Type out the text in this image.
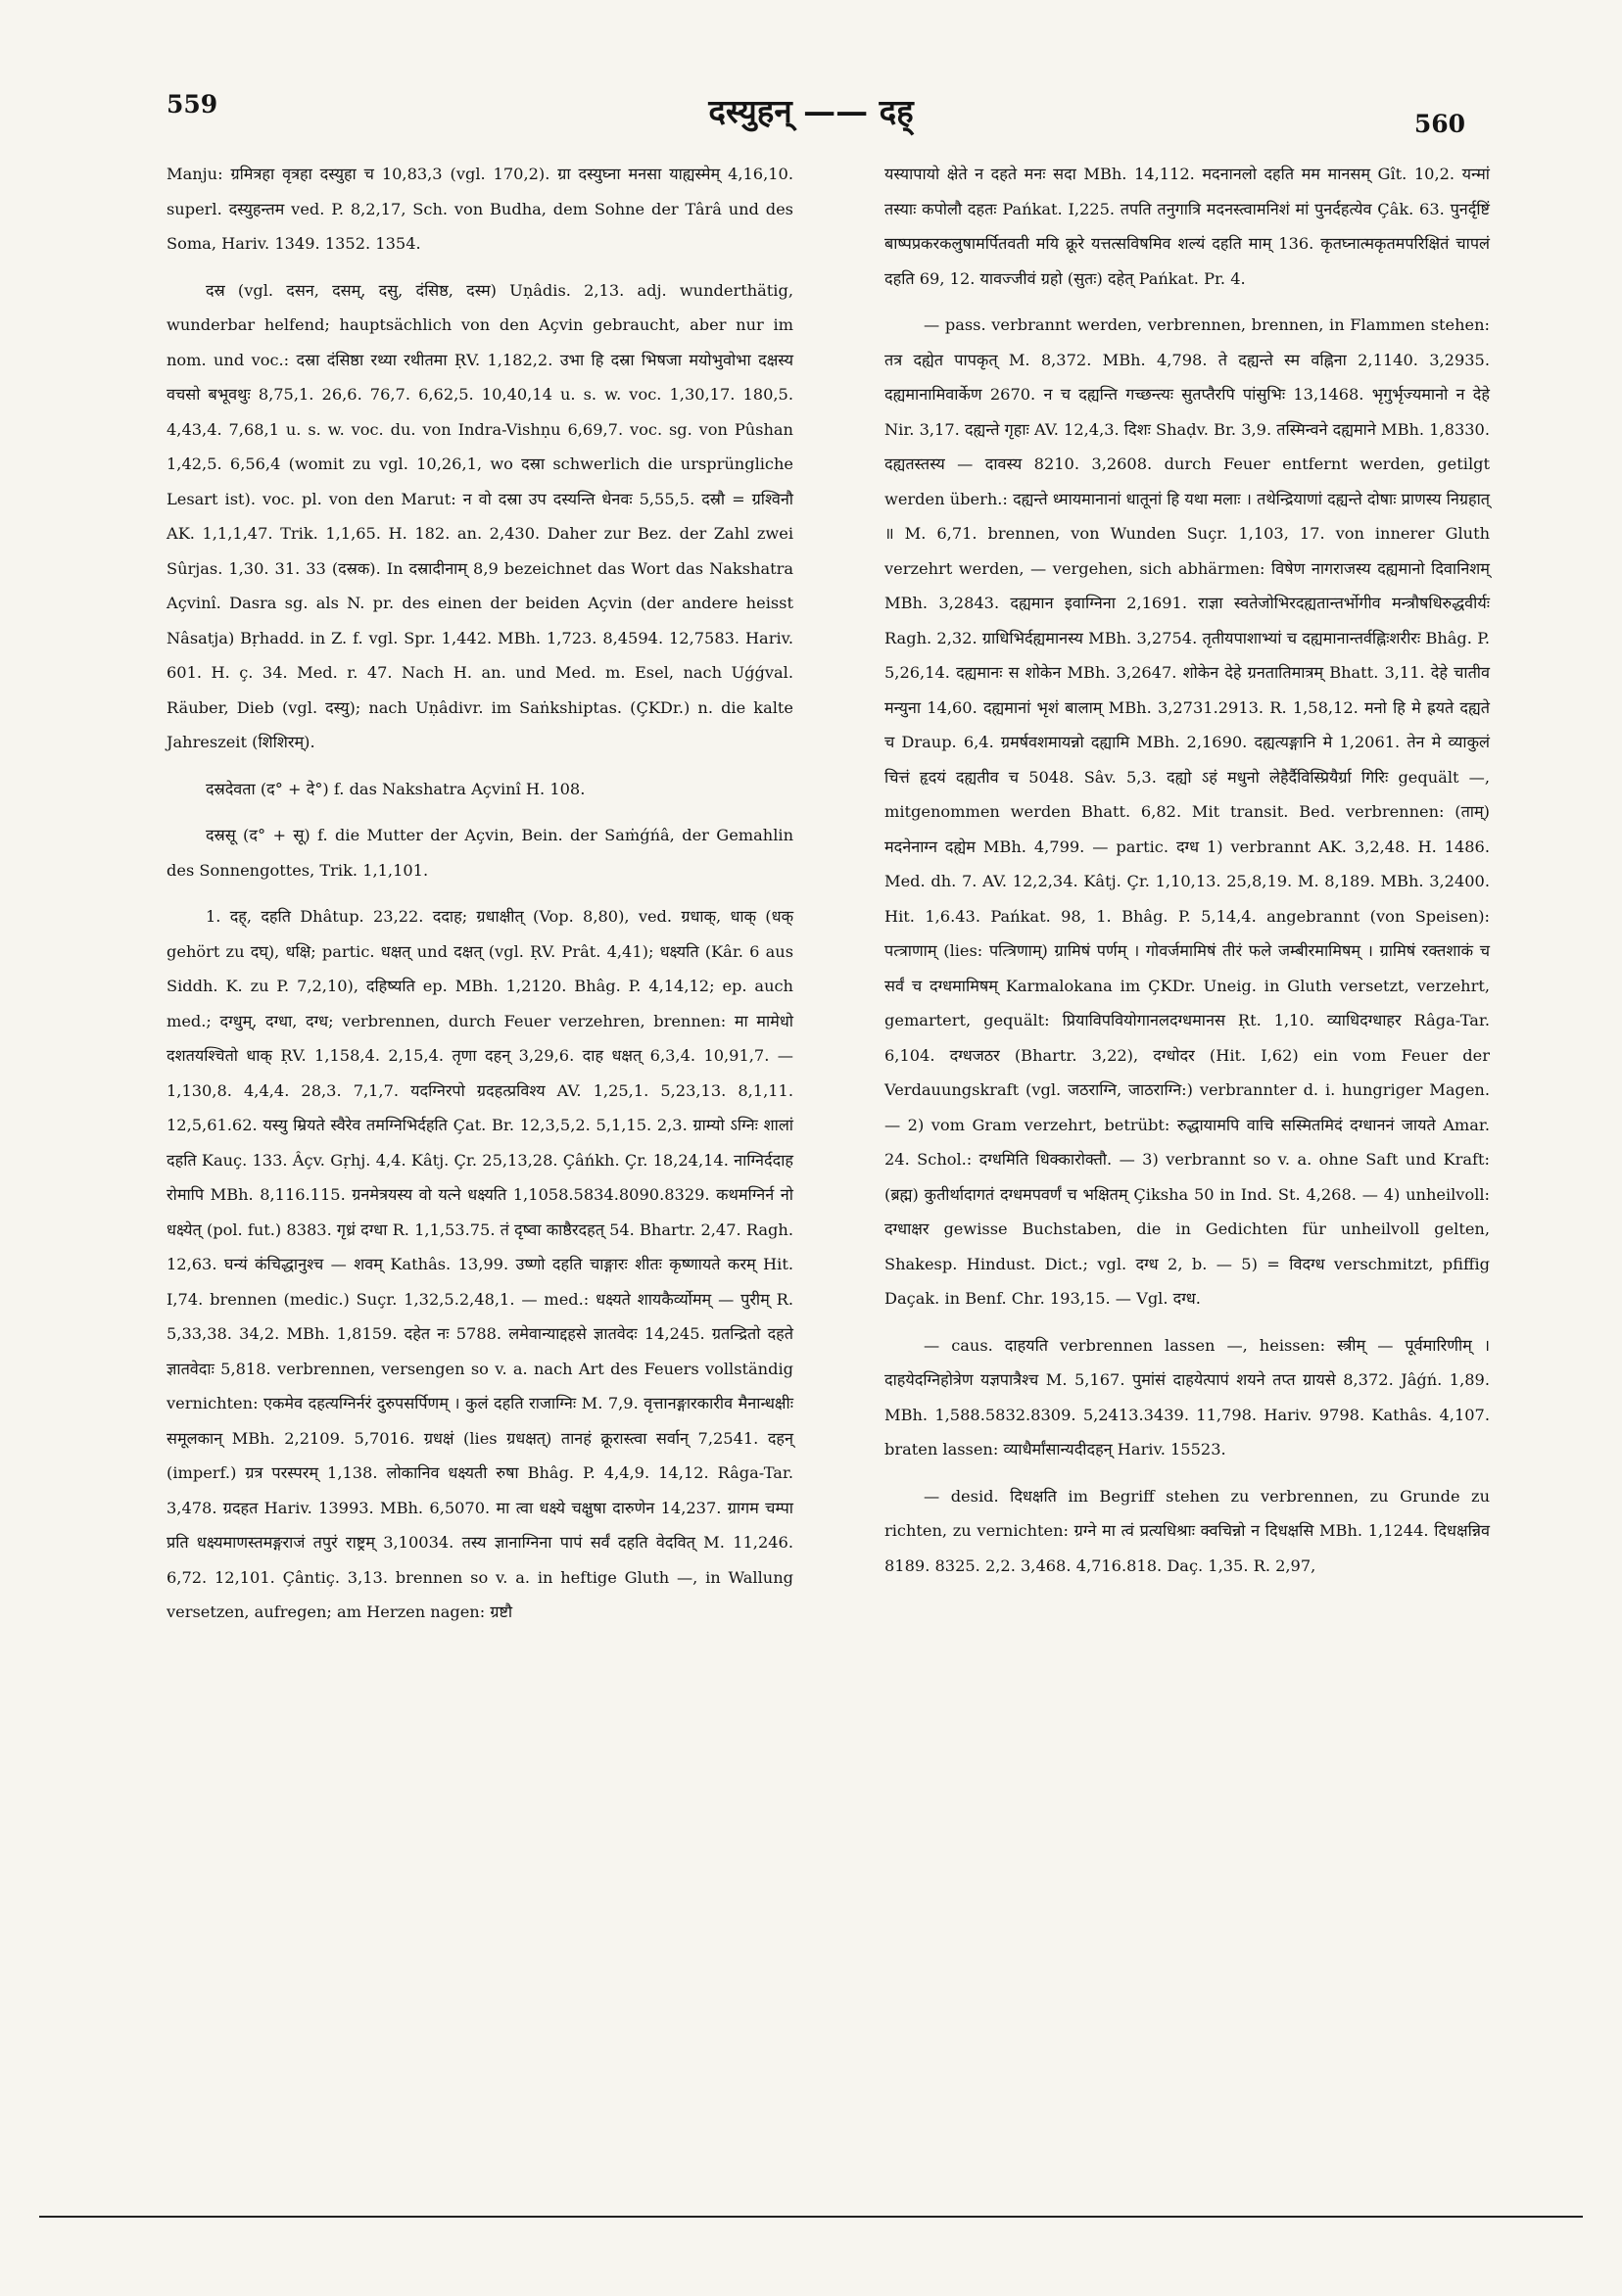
559	दस्युहन् —— दह्	560

Manju: ग्रमित्रहा वृत्रहा दस्युहा च 10,83,3 (vgl. 170,2). ग्रा दस्युघ्ना मनसा याह्यस्मेम् 4,16,10. superl. दस्युहन्तम ved. P. 8,2,17, Sch. von Budha, dem Sohne der Târâ und des Soma, Hariv. 1349. 1352. 1354.

दस्र (vgl. दसन, दसम्, दसु, दंसिष्ठ, दस्म) Uṇâdis. 2,13. adj. wunderthätig, wunderbar helfend; hauptsächlich von den Açvin gebraucht, aber nur im nom. und voc.: दस्रा दंसिष्ठा रथ्या रथीतमा ṚV. 1,182,2. उभा हि दस्रा भिषजा मयोभुवोभा दक्षस्य वचसो बभूवथुः 8,75,1. 26,6. 76,7. 6,62,5. 10,40,14 u. s. w. voc. 1,30,17. 180,5. 4,43,4. 7,68,1 u. s. w. voc. du. von Indra-Vishṇu 6,69,7. voc. sg. von Pûshan 1,42,5. 6,56,4 (womit zu vgl. 10,26,1, wo दस्रा schwerlich die ursprüngliche Lesart ist). voc. pl. von den Marut: न वो दस्रा उप दस्यन्ति धेनवः 5,55,5. दस्रौ = ग्रश्विनौ AK. 1,1,1,47. Trik. 1,1,65. H. 182. an. 2,430. Daher zur Bez. der Zahl zwei Sûrjas. 1,30. 31. 33 (दस्रक). In दस्रादीनाम् 8,9 bezeichnet das Wort das Nakshatra Açvinî. Dasra sg. als N. pr. des einen der beiden Açvin (der andere heisst Nâsatja) Bṛhadd. in Z. f. vgl. Spr. 1,442. MBh. 1,723. 8,4594. 12,7583. Hariv. 601. H. ç. 34. Med. r. 47. Nach H. an. und Med. m. Esel, nach Uǵǵval. Räuber, Dieb (vgl. दस्यु); nach Uṇâdivr. im Saṅkshiptas. (ÇKDr.) n. die kalte Jahreszeit (शिशिरम्).

दस्रदेवता (द° + दे°) f. das Nakshatra Açvinî H. 108.

दस्रसू (द° + सू) f. die Mutter der Açvin, Bein. der Saṁǵńâ, der Gemahlin des Sonnengottes, Trik. 1,1,101.

1. दह्, दहति Dhâtup. 23,22. ददाह; ग्रधाक्षीत् (Vop. 8,80), ved. ग्रधाक्, धाक् (धक् gehört zu दघ्), धक्षि; partic. धक्षत् und दक्षत् (vgl. ṚV. Prât. 4,41); धक्ष्यति (Kâr. 6 aus Siddh. K. zu P. 7,2,10), दहिष्यति ep. MBh. 1,2120. Bhâg. P. 4,14,12; ep. auch med.; दग्धुम्, दग्धा, दग्ध; verbrennen, durch Feuer verzehren, brennen: मा मामेधो दशतयश्चितो धाक् ṚV. 1,158,4. 2,15,4. तृणा दहन् 3,29,6. दाह धक्षत् 6,3,4. 10,91,7. — 1,130,8. 4,4,4. 28,3. 7,1,7. यदग्निरपो ग्रदहत्प्रविश्य AV. 1,25,1. 5,23,13. 8,1,11. 12,5,61.62. यस्यु म्रियते स्वैरेव तमग्निभिर्दहति Çat. Br. 12,3,5,2. 5,1,15. 2,3. ग्राम्यो ऽग्निः शालां दहति Kauç. 133. Âçv. Gṛhj. 4,4. Kâtj. Çr. 25,13,28. Çâńkh. Çr. 18,24,14. नाग्निर्ददाह रोमापि MBh. 8,116.115. ग्रनमेत्रयस्य वो यत्ने धक्ष्यति 1,1058.5834.8090.8329. कथमग्निर्न नो धक्ष्येत् (pol. fut.) 8383. गृध्रं दग्धा R. 1,1,53.75. तं दृष्वा काष्ठैरदहत् 54. Bhartr. 2,47. Ragh. 12,63. घन्यं कंचिद्धानुश्च — शवम् Kathâs. 13,99. उष्णो दहति चाङ्गारः शीतः कृष्णायते करम् Hit. I,74. brennen (medic.) Suçr. 1,32,5.2,48,1. — med.: धक्ष्यते शायकैर्व्योमम् — पुरीम् R. 5,33,38. 34,2. MBh. 1,8159. दहेत नः 5788. लमेवान्याद्दहसे ज्ञातवेदः 14,245. ग्रतन्द्रितो दहते ज्ञातवेदाः 5,818. verbrennen, versengen so v. a. nach Art des Feuers vollständig vernichten: एकमेव दहत्यग्निर्नरं दुरुपसर्पिणम् । कुलं दहति राजाग्निः M. 7,9. वृत्तानङ्गारकारीव मैनान्धक्षीः समूलकान् MBh. 2,2109. 5,7016. ग्रधक्षं (lies ग्रधक्षत्) तानहं क्रूरास्त्वा सर्वान् 7,2541. दहन् (imperf.) ग्रत्र परस्परम् 1,138. लोकानिव धक्ष्यती रुषा Bhâg. P. 4,4,9. 14,12. Râga-Tar. 3,478. ग्रदहत Hariv. 13993. MBh. 6,5070. मा त्वा धक्ष्ये चक्षुषा दारुणेन 14,237. ग्रागम चम्पा प्रति धक्ष्यमाणस्तमङ्गराजं तपुरं राष्ट्रम् 3,10034. तस्य ज्ञानाग्निना पापं सर्वं दहति वेदवित् M. 11,246. 6,72. 12,101. Çântiç. 3,13. brennen so v. a. in heftige Gluth —, in Wallung versetzen, aufregen; am Herzen nagen: ग्रष्टौ

यस्यापायो क्षेते न दहते मनः सदा MBh. 14,112. मदनानलो दहति मम मानसम् Gît. 10,2. यन्मां तस्याः कपोलौ दहतः Pańkat. I,225. तपति तनुगात्रि मदनस्त्वामनिशं मां पुनर्दहत्येव Çâk. 63. पुनर्दृष्टिं बाष्पप्रकरकलुषामर्पितवती मयि क्रूरे यत्तत्सविषमिव शल्यं दहति माम् 136. कृतघ्नात्मकृतमपरिक्षितं चापलं दहति 69, 12. यावज्जीवं ग्रहो (सुतः) दहेत् Pańkat. Pr. 4.

— pass. verbrannt werden, verbrennen, brennen, in Flammen stehen: तत्र दह्येत पापकृत् M. 8,372. MBh. 4,798. ते दह्यन्ते स्म वह्निना 2,1140. 3,2935. दह्यमानामिवार्केण 2670. न च दह्यन्ति गच्छन्त्यः सुतप्तैरपि पांसुभिः 13,1468. भृगुर्भृज्यमानो न देहे Nir. 3,17. दह्यन्ते गृहाः AV. 12,4,3. दिशः Shaḍv. Br. 3,9. तस्मिन्वने दह्यमाने MBh. 1,8330. दह्यतस्तस्य — दावस्य 8210. 3,2608. durch Feuer entfernt werden, getilgt werden überh.: दह्यन्ते ध्मायमानानां धातूनां हि यथा मलाः । तथेन्द्रियाणां दह्यन्ते दोषाः प्राणस्य निग्रहात् ॥ M. 6,71. brennen, von Wunden Suçr. 1,103, 17. von innerer Gluth verzehrt werden, — vergehen, sich abhärmen: विषेण नागराजस्य दह्यमानो दिवानिशम् MBh. 3,2843. दह्यमान इवाग्निना 2,1691. राज्ञा स्वतेजोभिरदह्यतान्तर्भोगीव मन्त्रौषधिरुद्धवीर्यः Ragh. 2,32. ग्राधिभिर्दह्यमानस्य MBh. 3,2754. तृतीयपाशाभ्यां च दह्यमानान्तर्वह्निःशरीरः Bhâg. P. 5,26,14. दह्यमानः स शोकेन MBh. 3,2647. शोकेन देहे ग्रनतातिमात्रम् Bhatt. 3,11. देहे चातीव मन्युना 14,60. दह्यमानां भृशं बालाम् MBh. 3,2731.2913. R. 1,58,12. मनो हि मे ह्रयते दह्यते च Draup. 6,4. ग्रमर्षवशमायन्नो दह्यामि MBh. 2,1690. दह्यत्यङ्गानि मे 1,2061. तेन मे व्याकुलं चित्तं हृदयं दह्यतीव च 5048. Sâv. 5,3. दह्यो ऽहं मधुनो लेहैर्दैविस्प्रियैर्ग्रा गिरिः gequält —, mitgenommen werden Bhatt. 6,82. Mit transit. Bed. verbrennen: (ताम्) मदनेनाग्न दह्येम MBh. 4,799. — partic. दग्ध 1) verbrannt AK. 3,2,48. H. 1486. Med. dh. 7. AV. 12,2,34. Kâtj. Çr. 1,10,13. 25,8,19. M. 8,189. MBh. 3,2400. Hit. 1,6.43. Pańkat. 98, 1. Bhâg. P. 5,14,4. angebrannt (von Speisen): पत्त्राणाम् (lies: पत्त्रिणाम्) ग्रामिषं पर्णम् । गोवर्जमामिषं तीरं फले जम्बीरमामिषम् । ग्रामिषं रक्तशाकं च सर्वं च दग्धमामिषम् Karmalokana im ÇKDr. Uneig. in Gluth versetzt, verzehrt, gemartert, gequält: प्रियाविपवियोगानलदग्धमानस Ṛt. 1,10. व्याधिदग्धाहर Râga-Tar. 6,104. दग्धजठर (Bhartr. 3,22), दग्धोदर (Hit. I,62) ein vom Feuer der Verdauungskraft (vgl. जठराग्नि, जाठराग्नि:) verbrannter d. i. hungriger Magen. — 2) vom Gram verzehrt, betrübt: रुद्धायामपि वाचि सस्मितमिदं दग्धाननं जायते Amar. 24. Schol.: दग्धमिति धिक्कारोक्तौ. — 3) verbrannt so v. a. ohne Saft und Kraft: (ब्रह्म) कुतीर्थादागतं दग्धमपवर्णं च भक्षितम् Çiksha 50 in Ind. St. 4,268. — 4) unheilvoll: दग्धाक्षर gewisse Buchstaben, die in Gedichten für unheilvoll gelten, Shakesp. Hindust. Dict.; vgl. दग्ध 2, b. — 5) = विदग्ध verschmitzt, pfiffig Daçak. in Benf. Chr. 193,15. — Vgl. दग्ध.

— caus. दाहयति verbrennen lassen —, heissen: स्त्रीम् — पूर्वमारिणीम् । दाहयेदग्निहोत्रेण यज्ञपात्रैश्च M. 5,167. पुमांसं दाहयेत्पापं शयने तप्त ग्रायसे 8,372. Jâǵń. 1,89. MBh. 1,588.5832.8309. 5,2413.3439. 11,798. Hariv. 9798. Kathâs. 4,107. braten lassen: व्याधैर्मांसान्यदीदहन् Hariv. 15523.

— desid. दिधक्षति im Begriff stehen zu verbrennen, zu Grunde zu richten, zu vernichten: ग्रग्ने मा त्वं प्रत्यधिश्राः क्वचिन्नो न दिधक्षसि MBh. 1,1244. दिधक्षन्निव 8189. 8325. 2,2. 3,468. 4,716.818. Daç. 1,35. R. 2,97,
